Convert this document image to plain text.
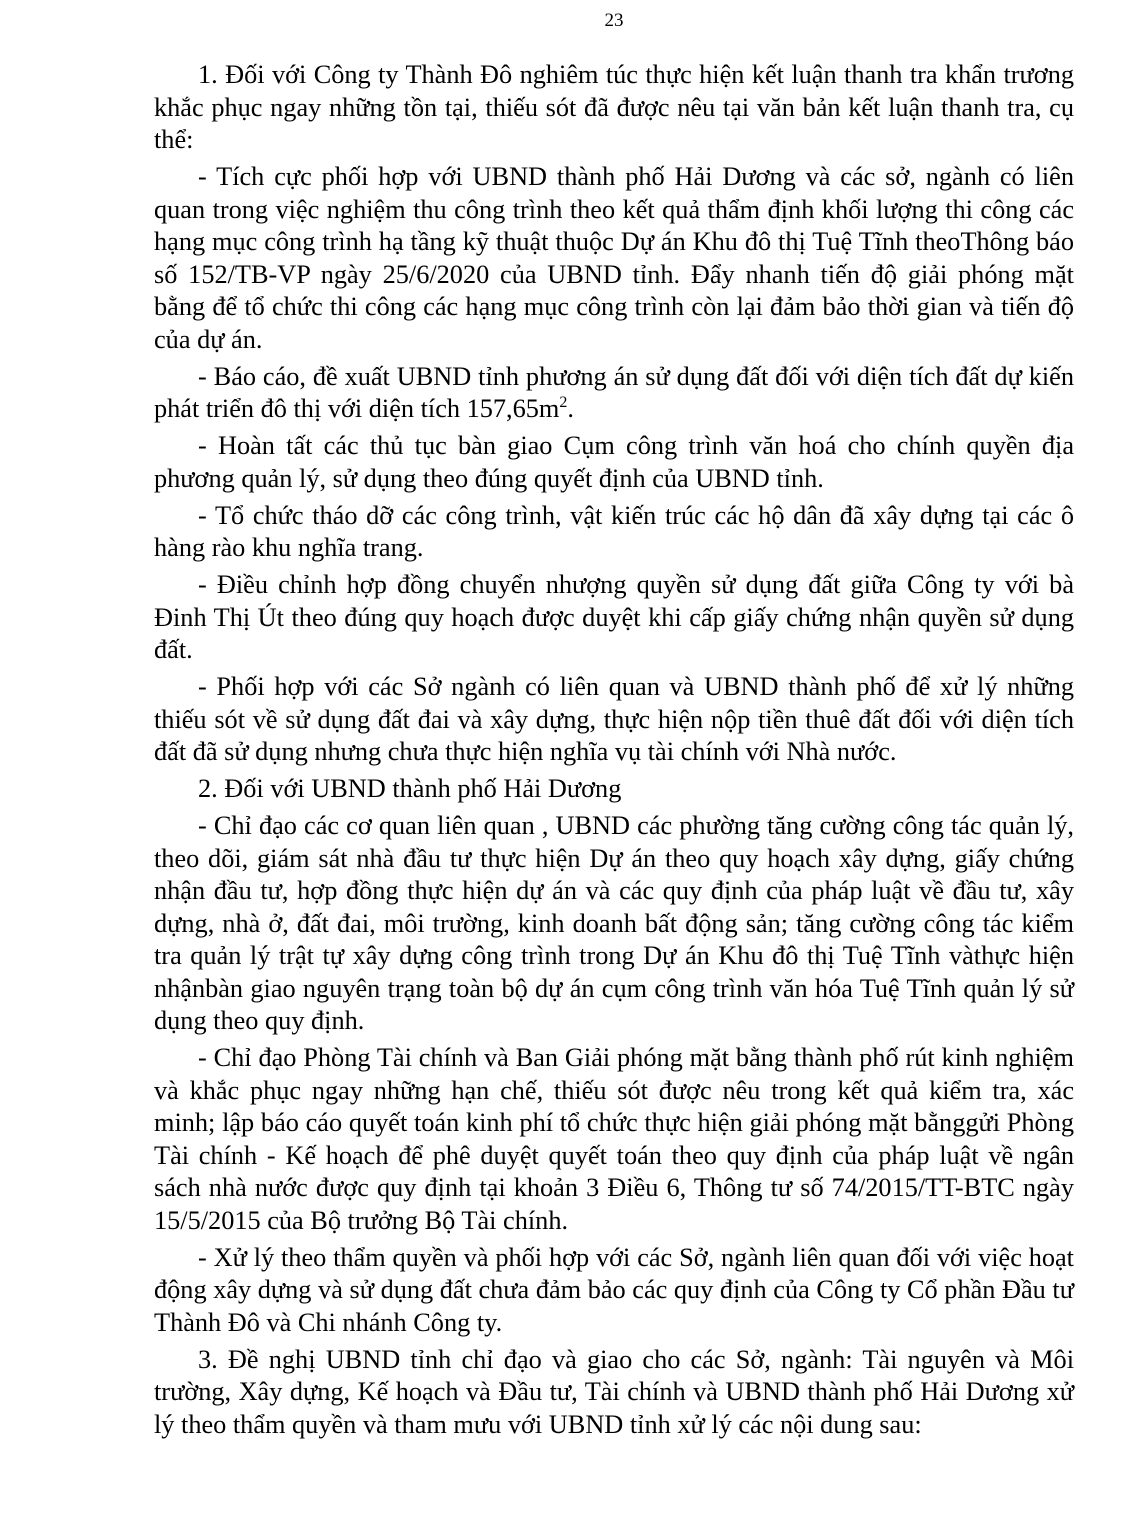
23

1. Đối với Công ty Thành Đô nghiêm túc thực hiện kết luận thanh tra khẩn trương khắc phục ngay những tồn tại, thiếu sót đã được nêu tại văn bản kết luận thanh tra, cụ thể:

- Tích cực phối hợp với UBND thành phố Hải Dương và các sở, ngành có liên quan trong việc nghiệm thu công trình theo kết quả thẩm định khối lượng thi công các hạng mục công trình hạ tầng kỹ thuật thuộc Dự án Khu đô thị Tuệ Tĩnh theoThông báo số 152/TB-VP ngày 25/6/2020 của UBND tỉnh. Đẩy nhanh tiến độ giải phóng mặt bằng để tổ chức thi công các hạng mục công trình còn lại đảm bảo thời gian và tiến độ của dự án.

- Báo cáo, đề xuất UBND tỉnh phương án sử dụng đất đối với diện tích đất dự kiến phát triển đô thị với diện tích $157,65m^2$.

- Hoàn tất các thủ tục bàn giao Cụm công trình văn hoá cho chính quyền địa phương quản lý, sử dụng theo đúng quyết định của UBND tỉnh.

- Tổ chức tháo dỡ các công trình, vật kiến trúc các hộ dân đã xây dựng tại các ô hàng rào khu nghĩa trang.

- Điều chỉnh hợp đồng chuyển nhượng quyền sử dụng đất giữa Công ty với bà Đinh Thị Út theo đúng quy hoạch được duyệt khi cấp giấy chứng nhận quyền sử dụng đất.

- Phối hợp với các Sở ngành có liên quan và UBND thành phố để xử lý những thiếu sót về sử dụng đất đai và xây dựng, thực hiện nộp tiền thuê đất đối với diện tích đất đã sử dụng nhưng chưa thực hiện nghĩa vụ tài chính với Nhà nước.

2. Đối với UBND thành phố Hải Dương

- Chỉ đạo các cơ quan liên quan , UBND các phường tăng cường công tác quản lý, theo dõi, giám sát nhà đầu tư thực hiện Dự án theo quy hoạch xây dựng, giấy chứng nhận đầu tư, hợp đồng thực hiện dự án và các quy định của pháp luật về đầu tư, xây dựng, nhà ở, đất đai, môi trường, kinh doanh bất động sản; tăng cường công tác kiểm tra quản lý trật tự xây dựng công trình trong Dự án Khu đô thị Tuệ Tĩnh vàthực hiện nhậnbàn giao nguyên trạng toàn bộ dự án cụm công trình văn hóa Tuệ Tĩnh quản lý sử dụng theo quy định.

- Chỉ đạo Phòng Tài chính và Ban Giải phóng mặt bằng thành phố rút kinh nghiệm và khắc phục ngay những hạn chế, thiếu sót được nêu trong kết quả kiểm tra, xác minh; lập báo cáo quyết toán kinh phí tổ chức thực hiện giải phóng mặt bằnggửi Phòng Tài chính - Kế hoạch để phê duyệt quyết toán theo quy định của pháp luật về ngân sách nhà nước được quy định tại khoản 3 Điều 6, Thông tư số 74/2015/TT-BTC ngày 15/5/2015 của Bộ trưởng Bộ Tài chính.

- Xử lý theo thẩm quyền và phối hợp với các Sở, ngành liên quan đối với việc hoạt động xây dựng và sử dụng đất chưa đảm bảo các quy định của Công ty Cổ phần Đầu tư Thành Đô và Chi nhánh Công ty.

3. Đề nghị UBND tỉnh chỉ đạo và giao cho các Sở, ngành: Tài nguyên và Môi trường, Xây dựng, Kế hoạch và Đầu tư, Tài chính và UBND thành phố Hải Dương xử lý theo thẩm quyền và tham mưu với UBND tỉnh xử lý các nội dung sau:
